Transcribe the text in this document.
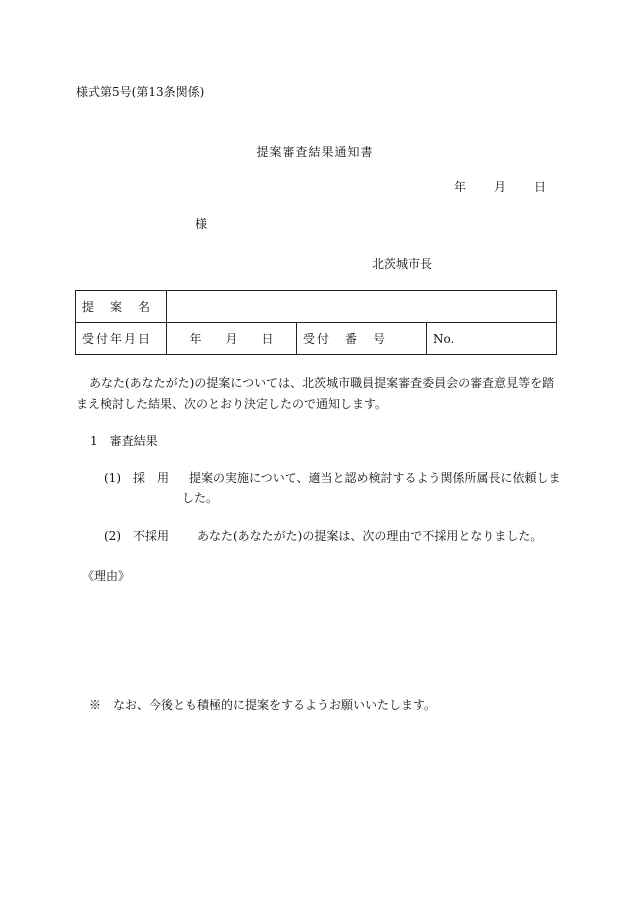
様式第5号(第13条関係)
提案審査結果通知書
年 月 日
様
北茨城市長
提　案　名			
受付年月日	年　　月　　日	受付　番　号	No.
あなた(あなたがた)の提案については、北茨城市職員提案審査委員会の審査意見等を踏
まえ検討した結果、次のとおり決定したので通知します。
1　審査結果
(1)　採　用 提案の実施について、適当と認め検討するよう関係所属長に依頼しま
した。
(2)　不採用 あなた(あなたがた)の提案は、次の理由で不採用となりました。
《理由》
※　なお、今後とも積極的に提案をするようお願いいたします。
